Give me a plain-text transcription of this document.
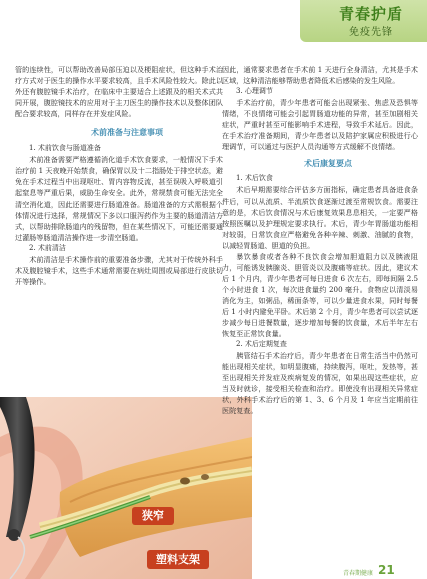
青春护盾
免疫先锋

管的连续性，可以帮助改善局部压迫以及梗阻症状，但这种手术治疗方式对于医生的操作水平要求较高，且手术风险性较大。除此以外还有腹腔镜手术治疗，在临床中主要适合上述跟及的相关术式共同开展，腹腔镜技术的应用对于主刀医生的操作技术以及整体团队配合要求较高，同样存在并发症风险。

术前准备与注意事项

1. 术前饮食与肠道准备

术前准备需要严格遵循消化道手术饮食要求，一般情况下手术治疗前 1 天夜晚开始禁食，确保胃以及十二指肠处于排空状态，避免在手术过程当中出现呕吐、胃内容物反流，甚至误吸入呼吸道引起窒息等严重后果，威胁生命安全。此外，常规禁食可能无法完全清空消化道，因此还需要进行肠道准备。肠道准备的方式需根据个体情况进行选择，常规情况下多以口服泻药作为主要的肠道清洁方式，以帮助排除肠道内的残留物，但在某些情况下，可能还需要通过灌肠等肠道清洁操作进一步清空肠道。

2. 术前清洁

术前清洁是手术操作前的重要准备步骤，尤其对于传统外科手术及腹腔镜手术，这些手术通常需要在病灶周围或局部进行皮肤切开等操作。

狭窄
塑料支架

因此，通常要求患者在手术前 1 天进行全身清洁，尤其是手术区域，这种清洁能够帮助患者降低术后感染的发生风险。

3. 心理调节

手术治疗前，青少年患者可能会出现紧张、焦虑及恐惧等情绪，不良情绪可能会引起胃肠道功能的异常，甚至加剧相关症状，严重时甚至可能影响手术进程，导致手术延后。因此，在手术治疗准备期间，青少年患者以及陪护家属应积极进行心理调节，可以通过与医护人员沟通等方式缓解不良情绪。

术后康复要点

1. 术后饮食

术后早期需要综合评估多方面指标，确定患者具备进食条件后，可以从流质、半流质饮食逐渐过渡至常规饮食。需要注意的是，术后饮食情况与术后康复效果息息相关，一定要严格按照医嘱以及护理规定要求执行。术后，青少年胃肠道功能相对较弱，日常饮食应严格避免各种辛辣、刺激、油腻的食物，以减轻胃肠道、胆道的负担。

暴饮暴食或者各种不良饮食会增加胆道阻力以及胰液阻力，可能诱发胰腺炎、胆管炎以及腹痛等症状。因此，建议术后 1 个月内，青少年患者可每日进食 6 次左右，即每间隔 2.5 个小时进食 1 次，每次进食量约 200 毫升。食物应以清淡易消化为主，如粥品，稀面条等，可以少量进食水果，同时每餐后 1 小时内避免平卧。术后第 2 个月，青少年患者可以尝试逐步减少每日进餐数量，逐步增加每餐的饮食量，术后半年左右恢复至正常饮食量。

2. 术后定期复查

胰管结石手术治疗后，青少年患者在日常生活当中仍然可能出现相关症状，如明显腹痛，持续腹泻，呕吐，发热等，甚至出现相关并发症及疾病复发的情况，如果出现这些症状，应当及时就诊，接受相关检查和治疗。即使没有出现相关异常症状，外科手术治疗后的第 1、3、6 个月及 1 年应当定期前往医院复查。

青春期健康 21
